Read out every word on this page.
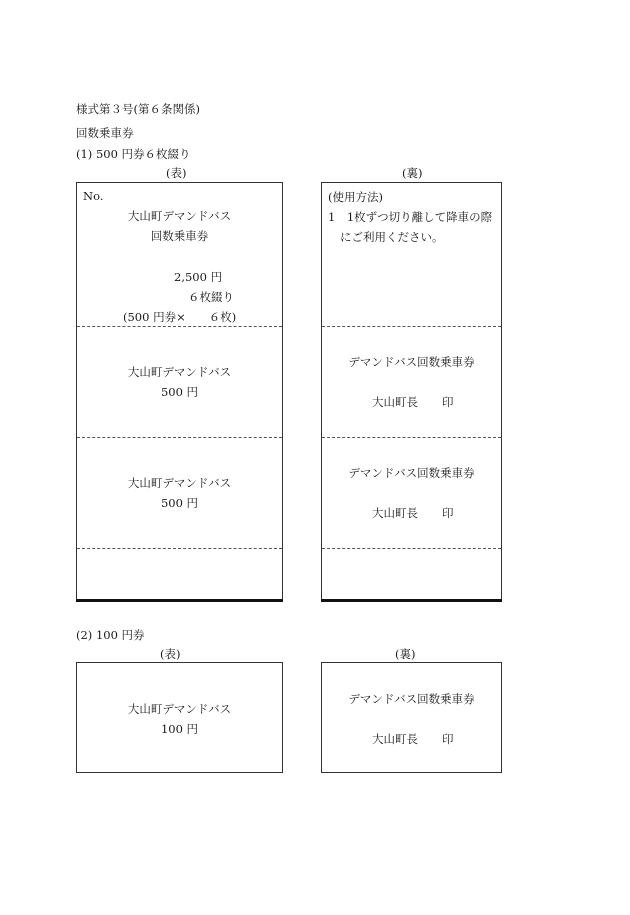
様式第３号(第６条関係)
回数乗車券
(1) 500 円券６枚綴り
(表)	(裏)
No.
大山町デマンドバス
回数乗車券
2,500 円
６枚綴り
(500 円券×　　６枚)
大山町デマンドバス
500 円
大山町デマンドバス
500 円
(使用方法)
1　1枚ずつ切り離して降車の際
にご利用ください。
デマンドバス回数乗車券
大山町長 印
デマンドバス回数乗車券
大山町長 印
(2) 100 円券
(表)	(裏)
大山町デマンドバス
100 円
デマンドバス回数乗車券
大山町長 印
